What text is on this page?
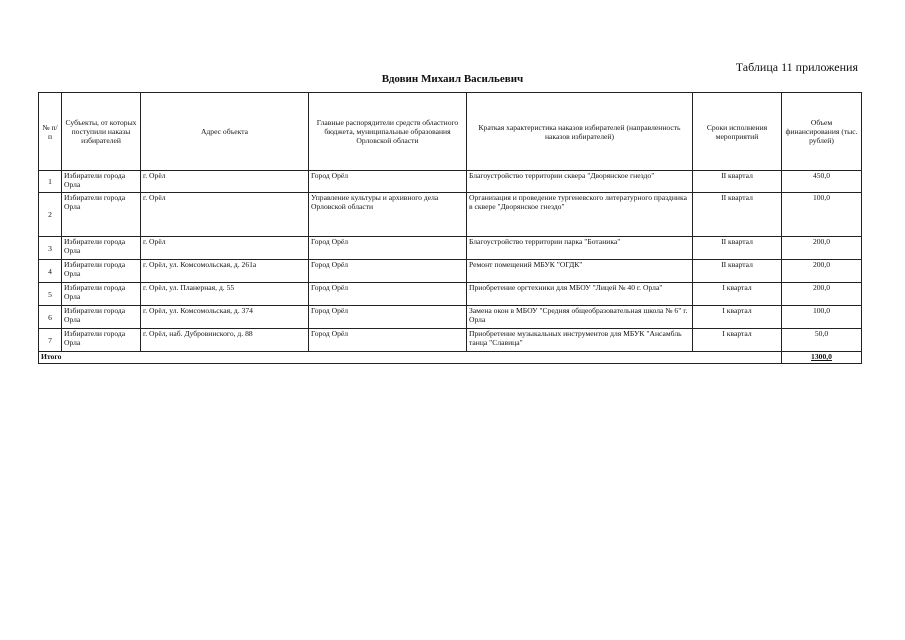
Таблица 11 приложения
Вдовин Михаил Васильевич
№ п/п	Субъекты, от которых поступили наказы избирателей	Адрес объекта	Главные распорядители средств областного бюджета, муниципальные образования Орловской области	Краткая характеристика наказов избирателей (направленность наказов избирателей)	Сроки исполнения мероприятий	Объем финансирования (тыс. рублей)
1	Избиратели города Орла	г. Орёл	Город Орёл	Благоустройство территории сквера "Дворянское гнездо"	II квартал	450,0
2	Избиратели города Орла	г. Орёл	Управление культуры и архивного дела Орловской области	Организация и проведение тургеневского литературного праздника в сквере "Дворянское гнездо"	II квартал	100,0
3	Избиратели города Орла	г. Орёл	Город Орёл	Благоустройство территории парка "Ботаника"	II квартал	200,0
4	Избиратели города Орла	г. Орёл, ул. Комсомольская, д. 261а	Город Орёл	Ремонт помещений МБУК "ОГДК"	II квартал	200,0
5	Избиратели города Орла	г. Орёл, ул. Планерная, д. 55	Город Орёл	Приобретение оргтехники для МБОУ "Лицей № 40 г. Орла"	I квартал	200,0
6	Избиратели города Орла	г. Орёл, ул. Комсомольская, д. 374	Город Орёл	Замена окон в МБОУ "Средняя общеобразовательная школа № 6" г. Орла	I квартал	100,0
7	Избиратели города Орла	г. Орёл, наб. Дубровинского, д. 88	Город Орёл	Приобретение музыкальных инструментов для МБУК "Ансамбль танца "Славица"	I квартал	50,0
Итого						1300,0
